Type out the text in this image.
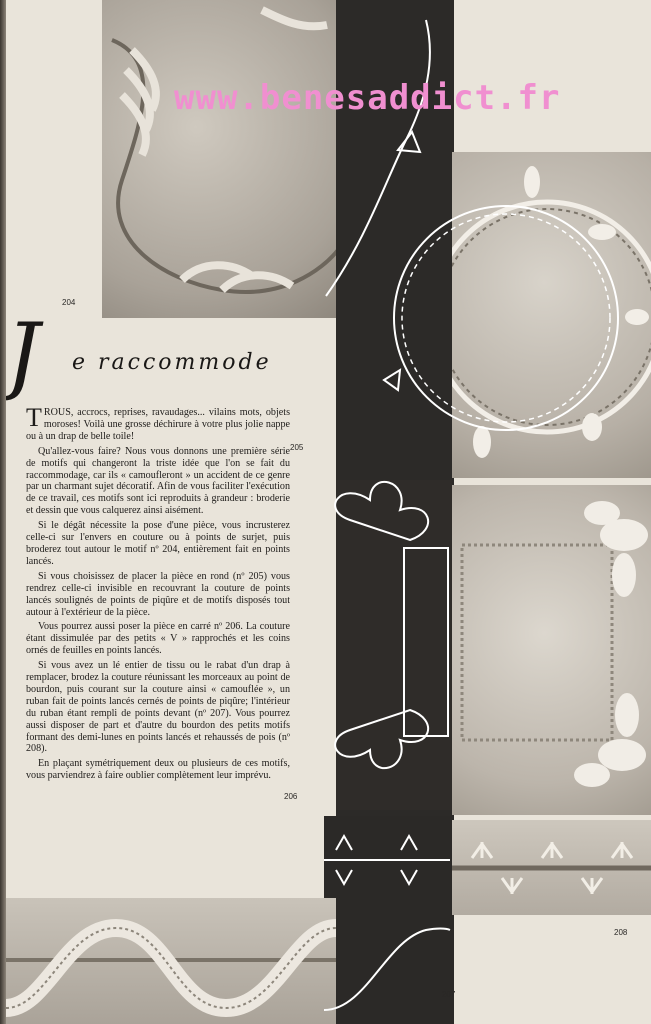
www.benesaddict.fr
204
205
206
207
208
J e raccommode

TROUS, accrocs, reprises, ravaudages... vilains mots, objets moroses! Voilà une grosse déchirure à votre plus jolie nappe ou à un drap de belle toile!

Qu'allez-vous faire? Nous vous donnons une première série de motifs qui changeront la triste idée que l'on se fait du raccommodage, car ils « camoufleront » un accident de ce genre par un charmant sujet décoratif. Afin de vous faciliter l'exécution de ce travail, ces motifs sont ici reproduits à grandeur : broderie et dessin que vous calquerez ainsi aisément.

Si le dégât nécessite la pose d'une pièce, vous incrusterez celle-ci sur l'envers en couture ou à points de surjet, puis broderez tout autour le motif nº 204, entièrement fait en points lancés.

Si vous choisissez de placer la pièce en rond (nº 205) vous rendrez celle-ci invisible en recouvrant la couture de points lancés soulignés de points de piqûre et de motifs disposés tout autour à l'extérieur de la pièce.

Vous pourrez aussi poser la pièce en carré nº 206. La couture étant dissimulée par des petits « V » rapprochés et les coins ornés de feuilles en points lancés.

Si vous avez un lé entier de tissu ou le rabat d'un drap à remplacer, brodez la couture réunissant les morceaux au point de bourdon, puis courant sur la couture ainsi « camouflée », un ruban fait de points lancés cernés de points de piqûre; l'intérieur du ruban étant rempli de points devant (nº 207). Vous pourrez aussi disposer de part et d'autre du bourdon des petits motifs formant des demi-lunes en points lancés et rehaussés de pois (nº 208).

En plaçant symétriquement deux ou plusieurs de ces motifs, vous parviendrez à faire oublier complètement leur imprévu.
